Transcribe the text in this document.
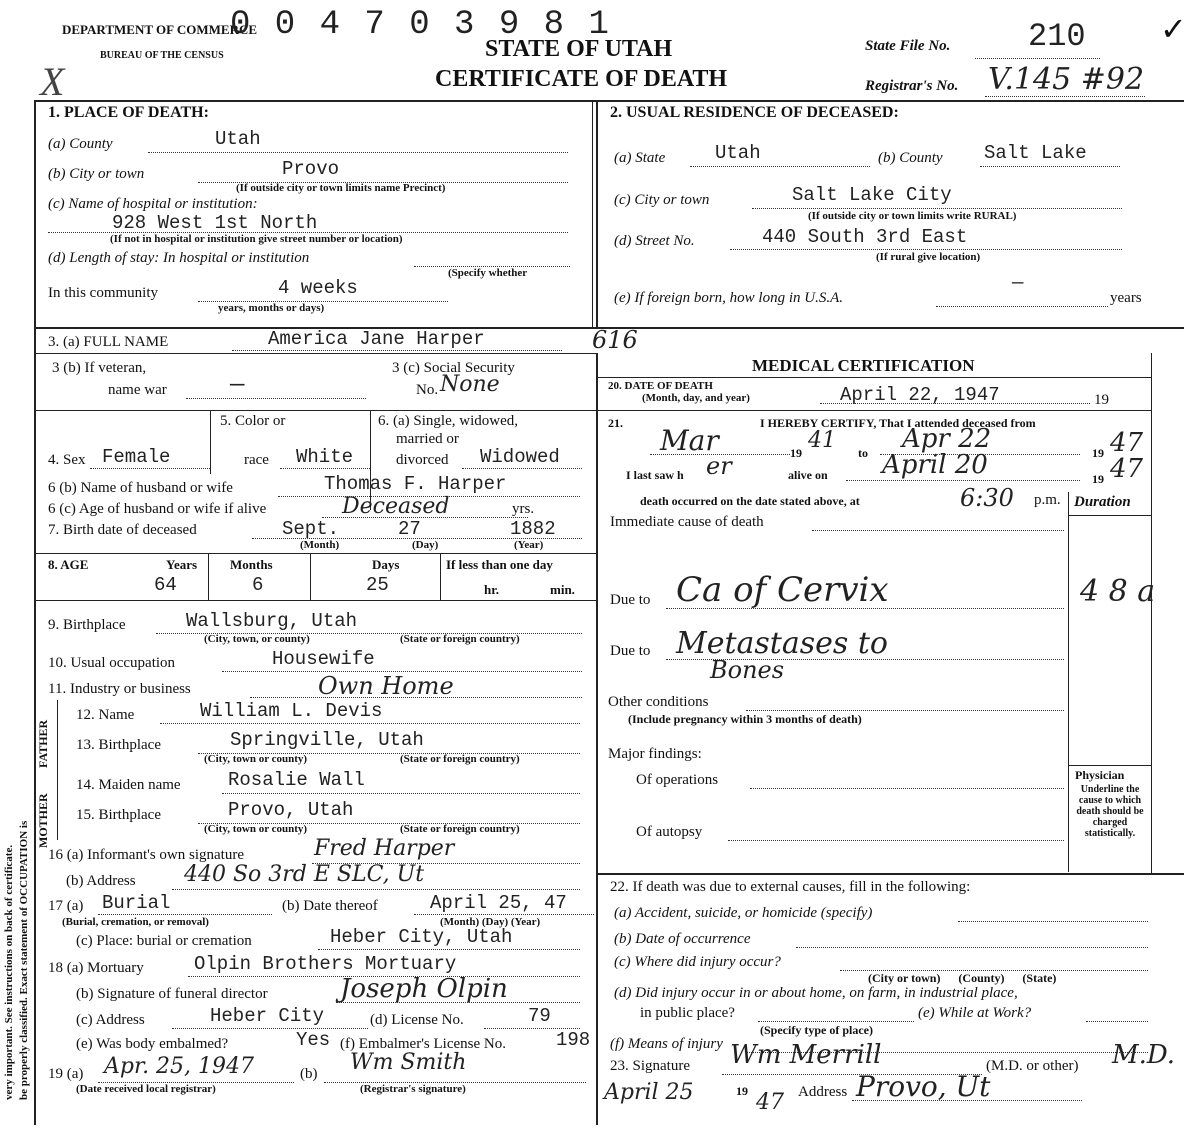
X
DEPARTMENT OF COMMERCE
BUREAU OF THE CENSUS
0 0 4 7 0 3 9 8 1
STATE OF UTAH
CERTIFICATE OF DEATH
State File No. 210 ✓
Registrar's No. V.145 #92
very important. See instructions on back of certificate. be properly classified. Exact statement of OCCUPATION is
1. PLACE OF DEATH:
(a) County	Utah
(b) City or town	Provo
(If outside city or town limits name Precinct)
(c) Name of hospital or institution:
928 West 1st North
(If not in hospital or institution give street number or location)
(d) Length of stay: In hospital or institution
(Specify whether
In this community	4 weeks
years, months or days)
2. USUAL RESIDENCE OF DECEASED:
(a) State	Utah	(b) County Salt Lake
(c) City or town	Salt Lake City
(If outside city or town limits write RURAL)
(d) Street No.	440 South 3rd East
(If rural give location)
(e) If foreign born, how long in U.S.A.
—
years
3. (a) FULL NAME	America Jane Harper	616
3 (b) If veteran,
name war	—
3 (c) Social Security
No. None
MEDICAL CERTIFICATION
20. DATE OF DEATH
(Month, day, and year)	April 22, 1947	19
5. Color or	6. (a) Single, widowed,
married or
4. Sex Female	race White	divorced Widowed
6 (b) Name of husband or wife	Thomas F. Harper
6 (c) Age of husband or wife if alive	Deceased	yrs.
7. Birth date of deceased	Sept.	27	1882
(Month)	(Day)	(Year)
8. AGE	Years	Months	Days	If less than one day
64	6	25	hr.	min.
9. Birthplace	Wallsburg, Utah
(City, town, or county)	(State or foreign country)
10. Usual occupation	Housewife
11. Industry or business	Own Home
MOTHER
FATHER
12. Name	William L. Devis
13. Birthplace	Springville, Utah
(City, town or county)	(State or foreign country)
14. Maiden name Rosalie Wall
15. Birthplace	Provo, Utah
(City, town or county)	(State or foreign country)
16 (a) Informant's own signature	Fred Harper
(b) Address 440 So 3rd E SLC, Ut
17 (a) Burial
(Burial, cremation, or removal)
(b) Date thereof	April 25, 47
(Month) (Day) (Year)
(c) Place: burial or cremation	Heber City, Utah
18 (a) Mortuary	Olpin Brothers Mortuary
(b) Signature of funeral director	Joseph Olpin
(c) Address	Heber City	(d) License No.	79
(e) Was body embalmed?	Yes (f) Embalmer's License No.	198
19 (a) Apr. 25, 1947
(Date received local registrar)
(b) Wm Smith
(Registrar's signature)
21.	I HEREBY CERTIFY, That I attended deceased from
Mar	19 41 to Apr 22	19 47
I last saw h er	alive on April 20	19 47
death occurred on the date stated above, at	6:30 p.m. Duration
Immediate cause of death
Due to Ca of Cervix	4 8 a
Due to Metastases to
Bones
Other conditions
(Include pregnancy within 3 months of death)
Major findings:
Of operations
Of autopsy
Physician
Underline the cause to which death should be charged statistically.
22. If death was due to external causes, fill in the following:
(a) Accident, suicide, or homicide (specify)
(b) Date of occurrence
(c) Where did injury occur?
(City or town)      (County)      (State)
(d) Did injury occur in or about home, on farm, in industrial place,
in public place?	(e) While at Work?
(Specify type of place)
(f) Means of injury
23. Signature Wm Merrill	(M.D. or other) M.D.
April 25	19 47 Address Provo, Ut
